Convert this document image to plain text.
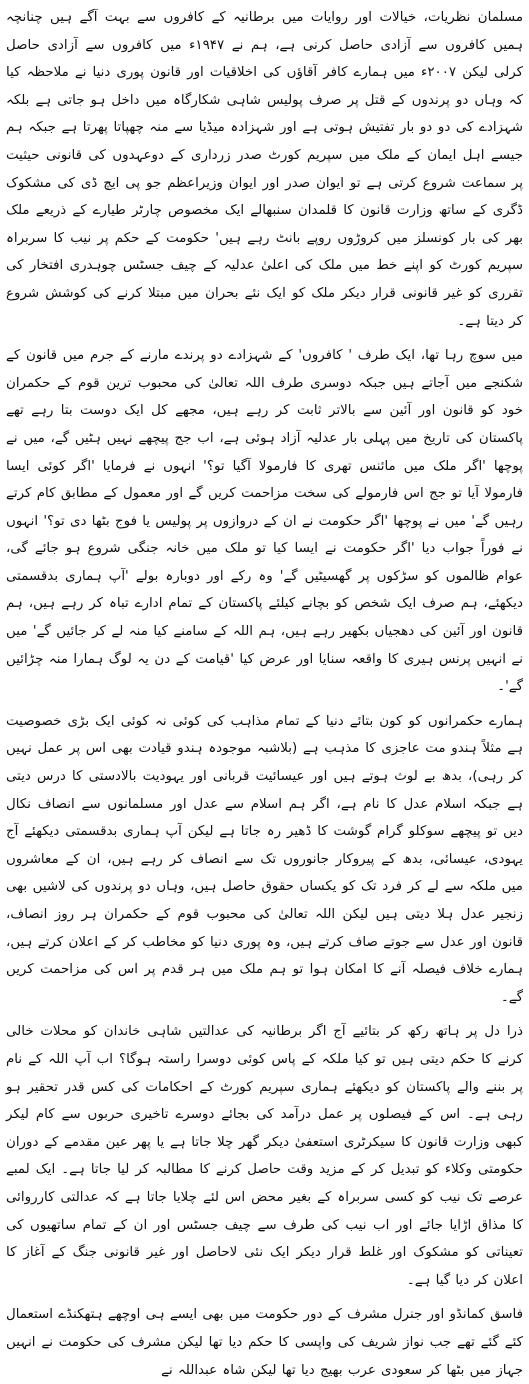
مسلمان نظریات، خیالات اور روایات میں برطانیہ کے کافروں سے بہت آگے ہیں چنانچہ ہمیں کافروں سے آزادی حاصل کرنی ہے، ہم نے ۱۹۴۷ء میں کافروں سے آزادی حاصل کرلی لیکن ۲۰۰۷ء میں ہمارے کافر آقاؤں کی اخلاقیات اور قانون پوری دنیا نے ملاحظہ کیا کہ وہاں دو پرندوں کے قتل پر صرف پولیس شاہی شکارگاہ میں داخل ہو جاتی ہے بلکہ شہزادے کی دو دو بار تفتیش ہوتی ہے اور شہزادہ میڈیا سے منہ چھپاتا پھرتا ہے جبکہ ہم جیسے اہل ایمان کے ملک میں سپریم کورٹ صدر زرداری کے دوعہدوں کی قانونی حیثیت پر سماعت شروع کرتی ہے تو ایوان صدر اور ایوان وزیراعظم جو پی ایچ ڈی کی مشکوک ڈگری کے ساتھ وزارت قانون کا قلمدان سنبھالے ایک مخصوص چارٹر طیارے کے ذریعے ملک بھر کی بار کونسلز میں کروڑوں روپے بانٹ رہے ہیں' حکومت کے حکم پر نیب کا سربراہ سپریم کورٹ کو اپنے خط میں ملک کی اعلیٰ عدلیہ کے چیف جسٹس چوہدری افتخار کی تقرری کو غیر قانونی قرار دیکر ملک کو ایک نئے بحران میں مبتلا کرنے کی کوشش شروع کر دیتا ہے۔

میں سوچ رہا تھا، ایک طرف ' کافروں' کے شہزادے دو پرندے مارنے کے جرم میں قانون کے شکنجے میں آجاتے ہیں جبکہ دوسری طرف اللہ تعالیٰ کی محبوب ترین قوم کے حکمران خود کو قانون اور آئین سے بالاتر ثابت کر رہے ہیں، مجھے کل ایک دوست بتا رہے تھے پاکستان کی تاریخ میں پہلی بار عدلیہ آزاد ہوئی ہے، اب جج پیچھے نہیں ہٹیں گے، میں نے پوچھا 'اگر ملک میں مائنس تھری کا فارمولا آگیا تو؟' انہوں نے فرمایا 'اگر کوئی ایسا فارمولا آیا تو جج اس فارمولے کی سخت مزاحمت کریں گے اور معمول کے مطابق کام کرتے رہیں گے' میں نے پوچھا 'اگر حکومت نے ان کے دروازوں پر پولیس یا فوج بٹھا دی تو؟' انہوں نے فوراً جواب دیا 'اگر حکومت نے ایسا کیا تو ملک میں خانہ جنگی شروع ہو جائے گی، عوام ظالموں کو سڑکوں پر گھسیٹیں گے' وہ رکے اور دوبارہ بولے 'آپ ہماری بدقسمتی دیکھئے، ہم صرف ایک شخص کو بچانے کیلئے پاکستان کے تمام ادارے تباہ کر رہے ہیں، ہم قانون اور آئین کی دھجیاں بکھیر رہے ہیں، ہم اللہ کے سامنے کیا منہ لے کر جائیں گے' میں نے انہیں پرنس ہیری کا واقعہ سنایا اور عرض کیا 'قیامت کے دن یہ لوگ ہمارا منہ چڑائیں گے'۔

ہمارے حکمرانوں کو کون بتائے دنیا کے تمام مذاہب کی کوئی نہ کوئی ایک بڑی خصوصیت ہے مثلاً ہندو مت عاجزی کا مذہب ہے (بلاشبہ موجودہ ہندو قیادت بھی اس پر عمل نہیں کر رہی)، بدھ بے لوث ہوتے ہیں اور عیسائیت قربانی اور یہودیت بالادستی کا درس دیتی ہے جبکہ اسلام عدل کا نام ہے، اگر ہم اسلام سے عدل اور مسلمانوں سے انصاف نکال دیں تو پیچھے سوکلو گرام گوشت کا ڈھیر رہ جاتا ہے لیکن آپ ہماری بدقسمتی دیکھئے آج یہودی، عیسائی، بدھ کے پیروکار جانوروں تک سے انصاف کر رہے ہیں، ان کے معاشروں میں ملکہ سے لے کر فرد تک کو یکساں حقوق حاصل ہیں، وہاں دو پرندوں کی لاشیں بھی زنجیر عدل ہلا دیتی ہیں لیکن اللہ تعالیٰ کی محبوب قوم کے حکمران ہر روز انصاف، قانون اور عدل سے جوتے صاف کرتے ہیں، وہ پوری دنیا کو مخاطب کر کے اعلان کرتے ہیں، ہمارے خلاف فیصلہ آنے کا امکان ہوا تو ہم ملک میں ہر قدم پر اس کی مزاحمت کریں گے۔

ذرا دل پر ہاتھ رکھ کر بتائیے آج اگر برطانیہ کی عدالتیں شاہی خاندان کو محلات خالی کرنے کا حکم دیتی ہیں تو کیا ملکہ کے پاس کوئی دوسرا راستہ ہوگا؟ اب آپ اللہ کے نام پر بننے والے پاکستان کو دیکھئے ہماری سپریم کورٹ کے احکامات کی کس قدر تحقیر ہو رہی ہے۔ اس کے فیصلوں پر عمل درآمد کی بجائے دوسرے تاخیری حربوں سے کام لیکر کبھی وزارت قانون کا سیکرٹری استعفیٰ دیکر گھر چلا جاتا ہے یا پھر عین مقدمے کے دوران حکومتی وکلاء کو تبدیل کر کے مزید وقت حاصل کرنے کا مطالبہ کر لیا جاتا ہے۔ ایک لمبے عرصے تک نیب کو کسی سربراہ کے بغیر محض اس لئے چلایا جاتا ہے کہ عدالتی کارروائی کا مذاق اڑایا جائے اور اب نیب کی طرف سے چیف جسٹس اور ان کے تمام ساتھیوں کی تعیناتی کو مشکوک اور غلط قرار دیکر ایک نئی لاحاصل اور غیر قانونی جنگ کے آغاز کا اعلان کر دیا گیا ہے۔

فاسق کمانڈو اور جنرل مشرف کے دور حکومت میں بھی ایسے ہی اوچھے ہتھکنڈے استعمال کئے گئے تھے جب نواز شریف کی واپسی کا حکم دیا تھا لیکن مشرف کی حکومت نے انہیں جہاز میں بٹھا کر سعودی عرب بھیج دیا تھا لیکن شاہ عبداللہ نے
